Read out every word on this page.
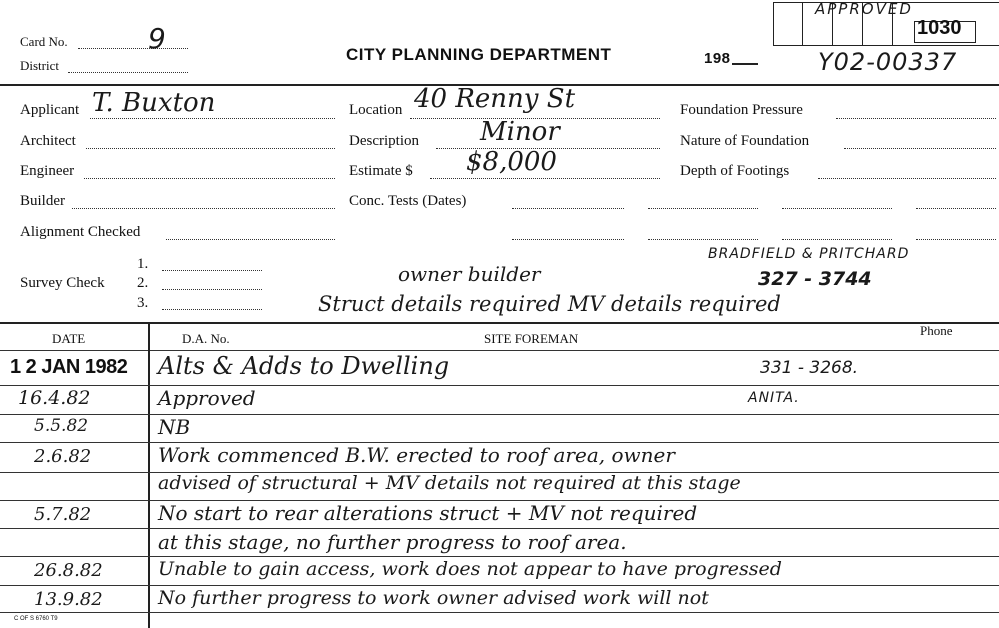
Card No.	9
District
CITY PLANNING DEPARTMENT	198	Y02-00337
APPROVED
1030
Applicant T. Buxton
Architect
Engineer
Builder
Alignment Checked
Location 40 Renny St
Description Minor
Estimate $ $8,000
Conc. Tests (Dates)
Foundation Pressure
Nature of Foundation
Depth of Footings
Survey Check
1.
2.
3.
BRADFIELD & PRITCHARD
owner builder	327 - 3744
Struct details required MV details required
DATE	D.A. No.	SITE FOREMAN
Phone
1 2 JAN 1982 Alts & Adds to Dwelling	331 - 3268.
16.4.82	Approved	ANITA.
5.5.82	NB
2.6.82	Work commenced B.W. erected to roof area, owner
advised of structural + MV details not required at this stage
5.7.82	No start to rear alterations struct + MV not required
at this stage, no further progress to roof area.
26.8.82	Unable to gain access, work does not appear to have progressed
13.9.82	No further progress to work owner advised work will not
C OF S 6760 T9
